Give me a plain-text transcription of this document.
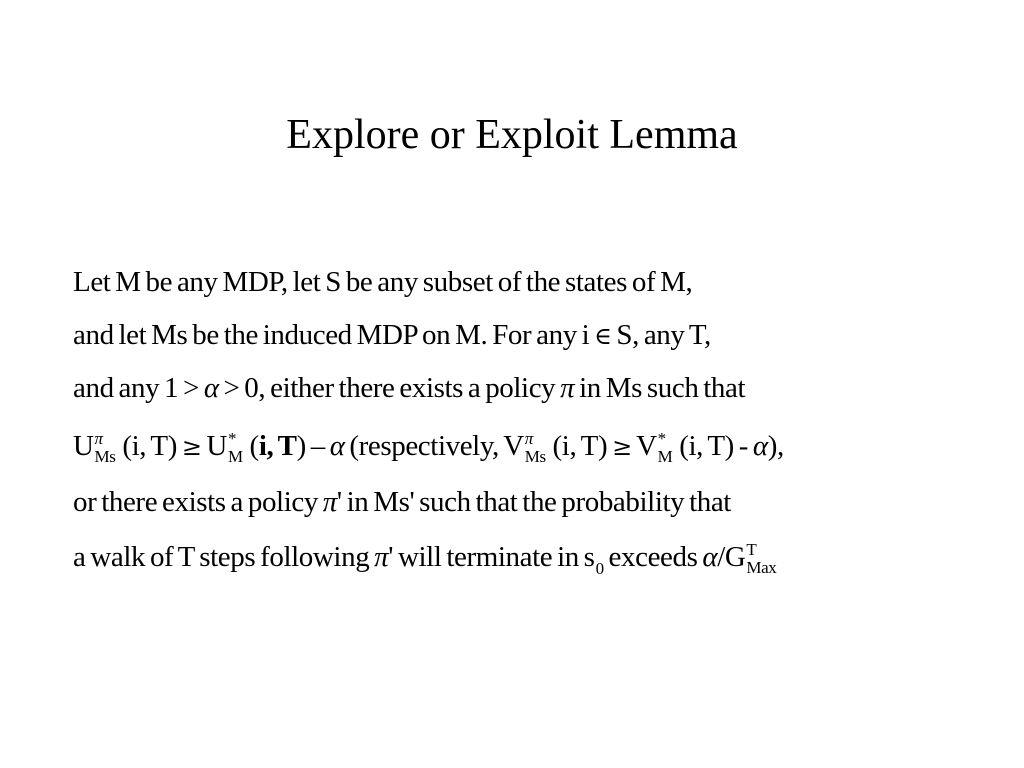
Explore or Exploit Lemma
Let M be any MDP, let S be any subset of the states of M,
and let Ms be the induced MDP on M. For any i ∈ S, any T,
and any 1 > α > 0, either there exists a policy π in Ms such that
U π
Ms (i, T) ≥ U *
M (i, T) – α (respectively, V π
Ms (i, T) ≥ V *
M (i, T) - α),
or there exists a policy π' in Ms' such that the probability that
a walk of T steps following π' will terminate in $s_0$ exceeds α/G T
Max
